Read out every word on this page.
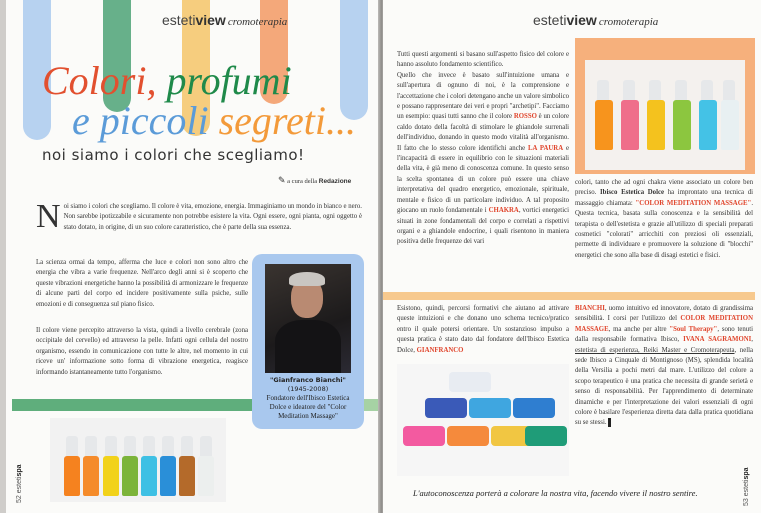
estetiview cromoterapia
Colori, profumi
e piccoli segreti...
noi siamo i colori che scegliamo!
✎ a cura della Redazione
Noi siamo i colori che scegliamo. Il colore è vita, emozione, energia. Immaginiamo un mondo in bianco e nero. Non sarebbe ipotizzabile e sicuramente non potrebbe esistere la vita. Ogni essere, ogni pianta, ogni oggetto è stato dotato, in origine, di un suo colore caratteristico, che è parte della sua essenza.
La scienza ormai da tempo, afferma che luce e colori non sono altro che energia che vibra a varie frequenze. Nell'arco degli anni si è scoperto che queste vibrazioni energetiche hanno la possibilità di armonizzare le frequenze di alcune parti del corpo ed incidere positivamente sulla psiche, sulle emozioni e di conseguenza sul piano fisico.
Il colore viene percepito attraverso la vista, quindi a livello cerebrale (zona occipitale del cervello) ed attraverso la pelle. Infatti ogni cellula del nostro organismo, essendo in comunicazione con tutte le altre, nel momento in cui riceve un' informazione sotto forma di vibrazione energetica, reagisce informando istantaneamente tutto l'organismo.
"Gianfranco Bianchi"
(1945-2008)
Fondatore dell'Ibisco Estetica Dolce e ideatore del "Color Meditation Massage"
52 estetispa
estetiview cromoterapia
Tutti questi argomenti si basano sull'aspetto fisico del colore e hanno assoluto fondamento scientifico.
Quello che invece è basato sull'intuizione umana e sull'apertura di ognuno di noi, è la comprensione e l'accettazione che i colori detengano anche un valore simbolico e possano rappresentare dei veri e propri "archetipi". Facciamo un esempio: quasi tutti sanno che il colore ROSSO è un colore caldo dotato della facoltà di stimolare le ghiandole surrenali dell'individuo, donando in questo modo vitalità all'organismo. Il fatto che lo stesso colore identifichi anche LA PAURA e l'incapacità di essere in equilibrio con le situazioni materiali della vita, è già meno di conoscenza comune. In questo senso la scelta spontanea di un colore può essere una chiave interpretativa del quadro energetico, emozionale, spirituale, mentale e fisico di un particolare individuo. A tal proposito giocano un ruolo fondamentale i CHAKRA, vortici energetici situati in zone fondamentali del corpo e correlati a rispettivi organi e a ghiandole endocrine, i quali risentono in maniera positiva delle frequenze dei vari
colori, tanto che ad ogni chakra viene associato un colore ben preciso. Ibisco Estetica Dolce ha improntato una tecnica di massaggio chiamata: "COLOR MEDITATION MASSAGE". Questa tecnica, basata sulla conoscenza e la sensibilità del terapista o dell'estetista e grazie all'utilizzo di speciali preparati cosmetici "colorati" arricchiti con preziosi oli essenziali, permette di individuare e promuovere la soluzione di "blocchi" energetici che sono alla base di disagi estetici e fisici.
Esistono, quindi, percorsi formativi che aiutano ad attivare queste intuizioni e che donano uno schema tecnico/pratico entro il quale potersi orientare. Un sostanzioso impulso a questa pratica è stato dato dal fondatore dell'Ibisco Estetica Dolce, GIANFRANCO
BIANCHI, uomo intuitivo ed innovatore, dotato di grandissima sensibilità. I corsi per l'utilizzo del COLOR MEDITATION MASSAGE, ma anche per altre "Soul Therapy", sono tenuti dalla responsabile formativa Ibisco, IVANA SAGRAMONI, estetista di esperienza, Reiki Master e Cromoterapeuta, nella sede Ibisco a Cinquale di Montignoso (MS), splendida località della Versilia a pochi metri dal mare. L'utilizzo del colore a scopo terapeutico è una pratica che necessita di grande serietà e senso di responsabilità. Per l'apprendimento di determinate dinamiche e per l'interpretazione dei valori essenziali di ogni colore è basilare l'esperienza diretta data dalla pratica quotidiana su se stessi.
L'autoconoscenza porterà a colorare la nostra vita, facendo vivere il nostro sentire.
53 estetispa
